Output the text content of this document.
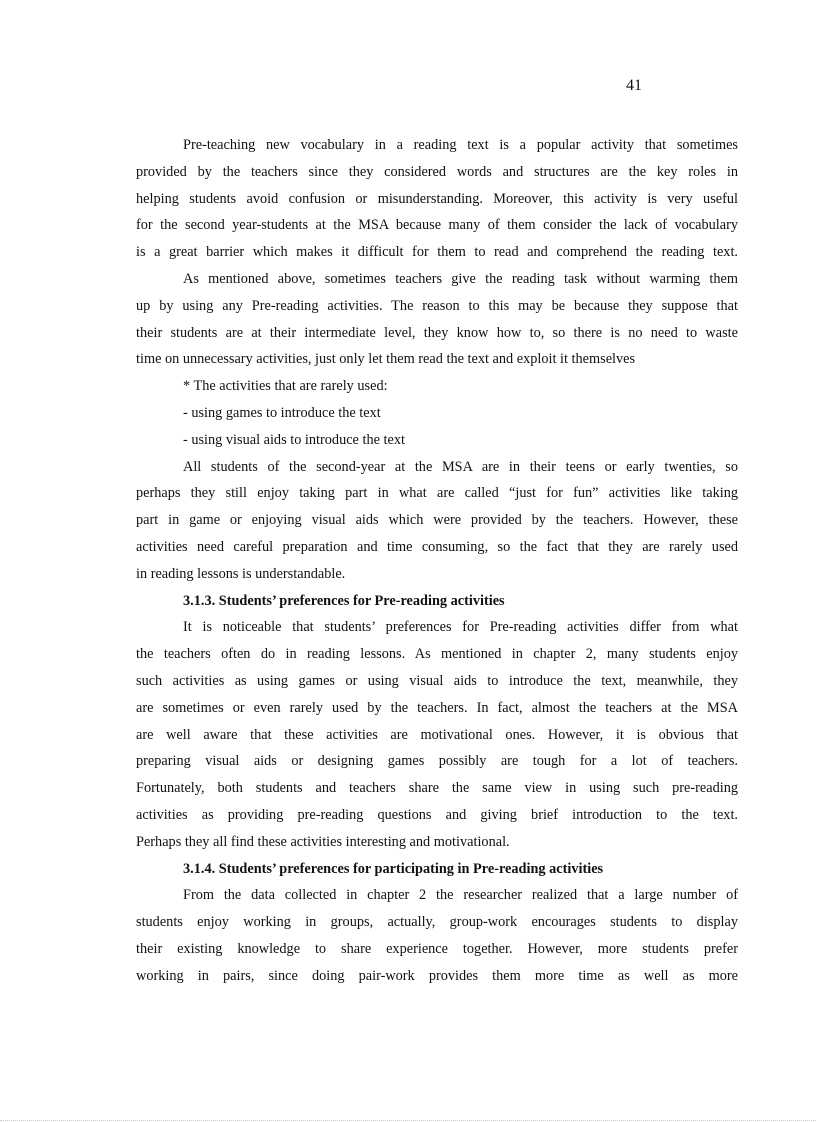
41
Pre-teaching new vocabulary in a reading text is a popular activity that sometimes
provided by the teachers since they considered words and structures are the key roles in
helping students avoid confusion or misunderstanding. Moreover, this activity is very useful
for the second year-students at the MSA because many of them consider the lack of vocabulary
is a great barrier which makes it difficult for them to read and comprehend the reading text.
As mentioned above, sometimes teachers give the reading task without warming them
up by using any Pre-reading activities. The reason to this may be because they suppose that
their students are at their intermediate level, they know how to, so there is no need to waste
time on unnecessary activities, just only let them read the text and exploit it themselves
* The activities that are rarely used:
- using games to introduce the text
- using visual aids to introduce the text
All students of the second-year at the MSA are in their teens or early twenties, so
perhaps they still enjoy taking part in what are called “just for fun” activities like taking
part in game or enjoying visual aids which were provided by the teachers. However, these
activities need careful preparation and time consuming, so the fact that they are rarely used
in reading lessons is understandable.
3.1.3. Students’ preferences for Pre-reading activities
It is noticeable that students’ preferences for Pre-reading activities differ from what
the teachers often do in reading lessons. As mentioned in chapter 2, many students enjoy
such activities as using games or using visual aids to introduce the text, meanwhile, they
are sometimes or even rarely used by the teachers. In fact, almost the teachers at the MSA
are well aware that these activities are motivational ones. However, it is obvious that
preparing visual aids or designing games possibly are tough for a lot of teachers.
Fortunately, both students and teachers share the same view in using such pre-reading
activities as providing pre-reading questions and giving brief introduction to the text.
Perhaps they all find these activities interesting and motivational.
3.1.4. Students’ preferences for participating in Pre-reading activities
From the data collected in chapter 2 the researcher realized that a large number of
students enjoy working in groups, actually, group-work encourages students to display
their existing knowledge to share experience together. However, more students prefer
working in pairs, since doing pair-work provides them more time as well as more
